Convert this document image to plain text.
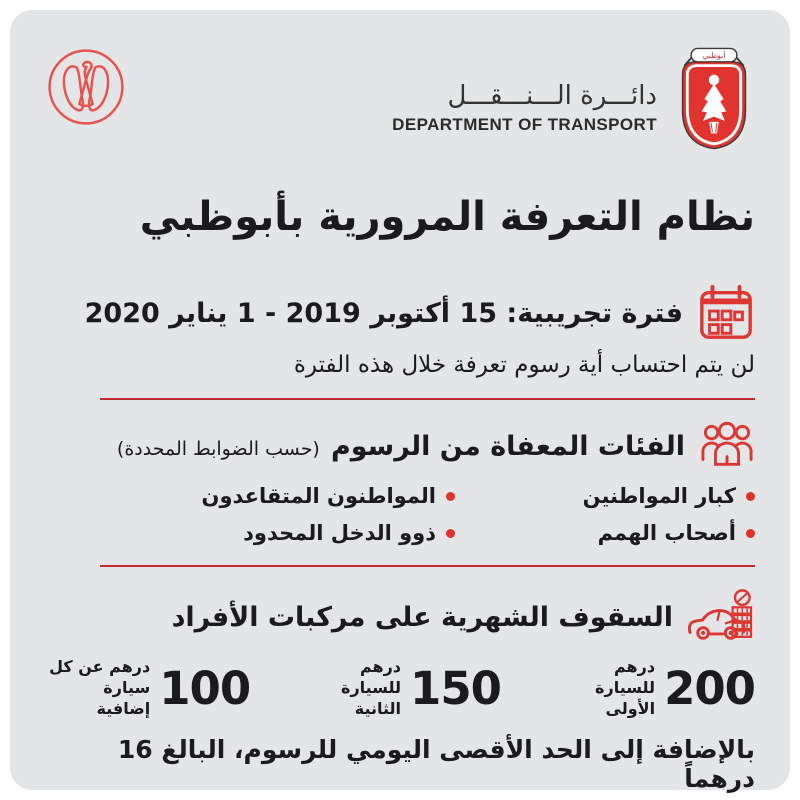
دائـــرة الـــنـــقـــل
DEPARTMENT OF TRANSPORT
أبوظبي
نظام التعرفة المرورية بأبوظبي
فترة تجريبية: 15 أكتوبر 2019 - 1 يناير 2020
لن يتم احتساب أية رسوم تعرفة خلال هذه الفترة
الفئات المعفاة من الرسوم (حسب الضوابط المحددة)
كبار المواطنين
المواطنون المتقاعدون
أصحاب الهمم
ذوو الدخل المحدود
السقوف الشهرية على مركبات الأفراد
200
درهم
للسيارة الأولى
150
درهم
للسيارة الثانية
100
درهم عن كل
سيارة إضافية
بالإضافة إلى الحد الأقصى اليومي للرسوم، البالغ 16 درهماً
